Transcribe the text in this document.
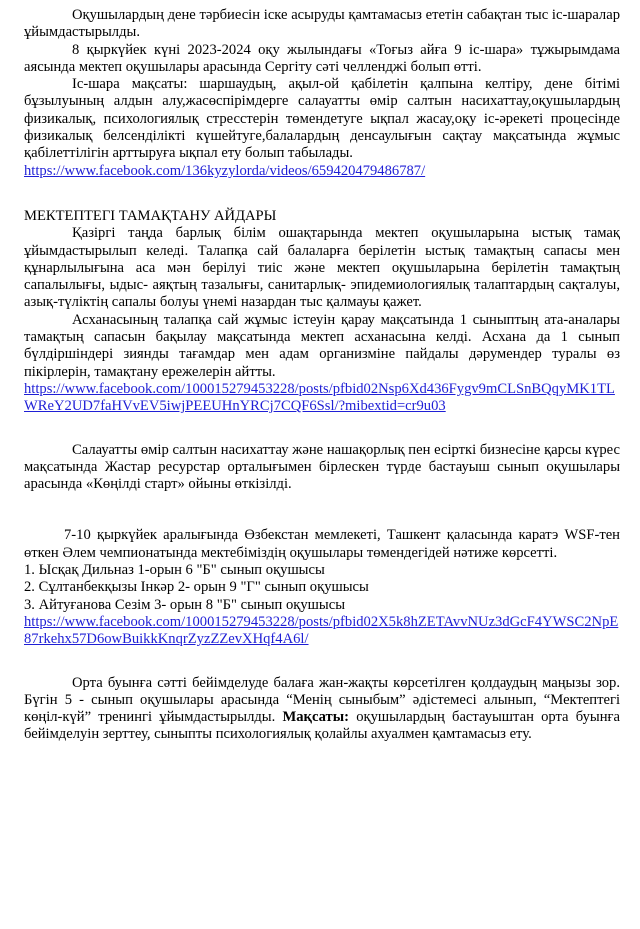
Оқушылардың дене тәрбиесін іске асыруды қамтамасыз ететін сабақтан тыс іс-шаралар ұйымдастырылды.

8 қыркүйек күні 2023-2024 оқу жылындағы «Тоғыз айға 9 іс-шара» тұжырымдама аясында мектеп оқушылары арасында Сергіту сәті челленджі болып өтті.

Іс-шара мақсаты: шаршаудың, ақыл-ой қабілетін қалпына келтіру, дене бітімі бұзылуының алдын алу,жасөспірімдерге салауатты өмір салтын насихаттау,оқушылардың физикалық, психологиялық стресстерін төмендетуге ықпал жасау,оқу іс-әрекеті процесінде физикалық белсенділікті күшейтуге,балалардың денсаулығын сақтау мақсатында жұмыс қабілеттілігін арттыруға ықпал ету болып табылады.

https://www.facebook.com/136kyzylorda/videos/659420479486787/

МЕКТЕПТЕГІ ТАМАҚТАНУ АЙДАРЫ

Қазіргі таңда барлық білім ошақтарында мектеп оқушыларына ыстық тамақ ұйымдастырылып келеді. Талапқа сай балаларға берілетін ыстық тамақтың сапасы мен құнарлылығына аса мән берілуі тиіс және мектеп оқушыларына берілетін тамақтың сапалылығы, ыдыс- аяқтың тазалығы, санитарлық- эпидемиологиялық талаптардың сақталуы, азық-түліктің сапалы болуы үнемі назардан тыс қалмауы қажет.

Асханасының талапқа сай жұмыс істеуін қарау мақсатында 1 сыныптың ата-аналары тамақтың сапасын бақылау мақсатында мектеп асханасына келді. Асхана да 1 сынып бүлдіршіндері зиянды тағамдар мен адам организміне пайдалы дәрумендер туралы өз пікірлерін, тамақтану ережелерін айтты.

https://www.facebook.com/100015279453228/posts/pfbid02Nsp6Xd436Fygv9mCLSnBQqyMK1TLWReY2UD7faHVvEV5iwjPEEUHnYRCj7CQF6Ssl/?mibextid=cr9u03

Салауатты өмір салтын насихаттау және нашақорлық пен есірткі бизнесіне қарсы күрес мақсатында Жастар ресурстар орталығымен бірлескен түрде бастауыш сынып оқушылары арасында «Көңілді старт» ойыны өткізілді.

7-10 қыркүйек аралығында Өзбекстан мемлекеті, Ташкент қаласында каратэ WSF-тен өткен Әлем чемпионатында мектебіміздің оқушылары төмендегідей нәтиже көрсетті.

1. Ысқақ Дильназ 1-орын 6 "Б" сынып оқушысы

2. Сұлтанбекқызы Інкәр 2- орын 9 "Г" сынып оқушысы

3. Айтуғанова Сезім 3- орын 8 "Б" сынып оқушысы

https://www.facebook.com/100015279453228/posts/pfbid02X5k8hZETAvvNUz3dGcF4YWSC2NpE87rkehx57D6owBuikkKnqrZyzZZevXHqf4A6l/

Орта буынға сәтті бейімделуде балаға жан-жақты көрсетілген қолдаудың маңызы зор. Бүгін 5 - сынып оқушылары арасында “Менің сыныбым” әдістемесі алынып, “Мектептегі көңіл-күй” тренингі ұйымдастырылды. Мақсаты: оқушылардың бастауыштан орта буынға бейімделуін зерттеу, сыныпты психологиялық қолайлы ахуалмен қамтамасыз ету.
